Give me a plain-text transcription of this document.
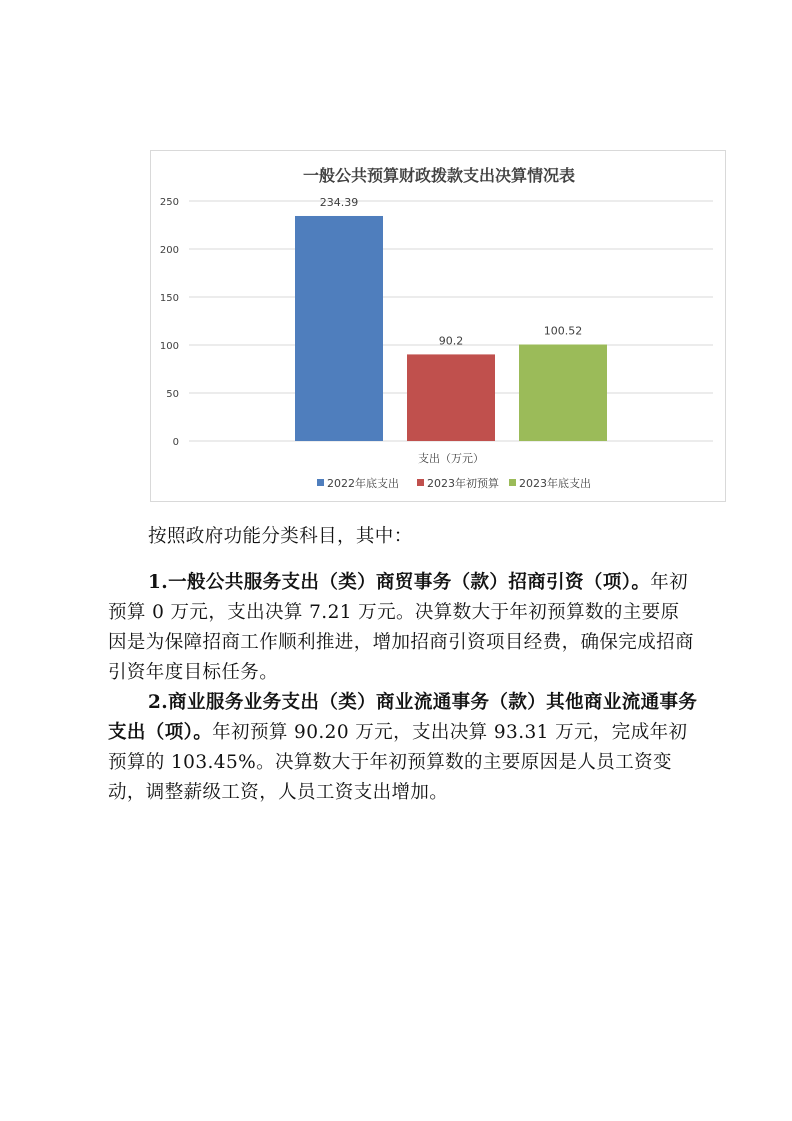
一般公共预算财政拨款支出决算情况表
0
50
100
150
200
250	234.39
90.2
100.52
支出（万元）
2022年底支出	2023年初预算 2023年底支出

按照政府功能分类科目，其中：

1.一般公共服务支出（类）商贸事务（款）招商引资（项）。年初预算 0 万元，支出决算 7.21 万元。决算数大于年初预算数的主要原因是为保障招商工作顺利推进，增加招商引资项目经费，确保完成招商引资年度目标任务。

2.商业服务业务支出（类）商业流通事务（款）其他商业流通事务支出（项）。年初预算 90.20 万元，支出决算 93.31 万元，完成年初预算的 103.45%。决算数大于年初预算数的主要原因是人员工资变动，调整薪级工资，人员工资支出增加。
